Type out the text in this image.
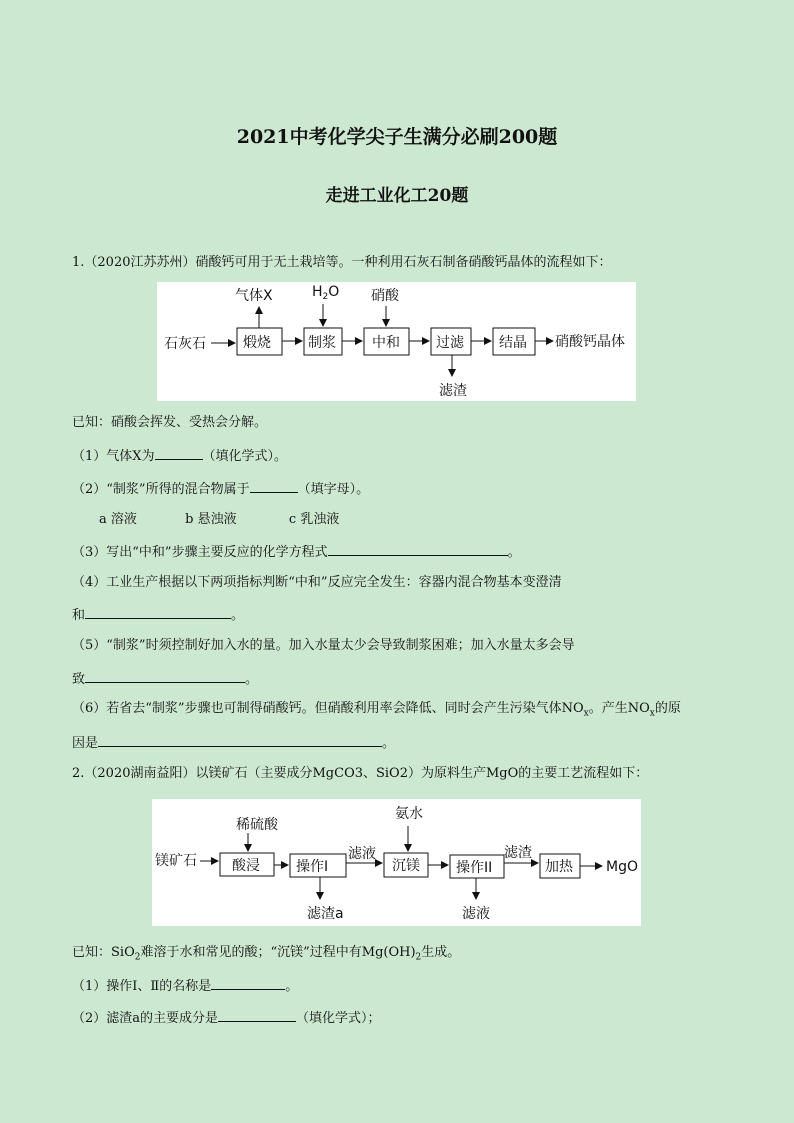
2021中考化学尖子生满分必刷200题
走进工业化工20题
1.（2020江苏苏州）硝酸钙可用于无土栽培等。一种利用石灰石制备硝酸钙晶体的流程如下：
石灰石	煅烧	制浆	中和	过滤	结晶 硝酸钙晶体
气体X	$H_2O$ 硝酸
滤渣
已知：硝酸会挥发、受热会分解。
（1）气体X为	（填化学式）。
（2）“制浆”所得的混合物属于	（填字母）。
a 溶液	b 悬浊液	c 乳浊液
（3）写出“中和”步骤主要反应的化学方程式	。
（4）工业生产根据以下两项指标判断“中和”反应完全发生：容器内混合物基本变澄清
和	。
（5）“制浆”时须控制好加入水的量。加入水量太少会导致制浆困难；加入水量太多会导
致	。
（6）若省去“制浆”步骤也可制得硝酸钙。但硝酸利用率会降低、同时会产生污染气体$NO_x$。产生$NO_x$的原
因是	。
2.（2020湖南益阳）以镁矿石（主要成分MgCO3、SiO2）为原料生产MgO的主要工艺流程如下：
镁矿石	酸浸	操作I
滤液
沉镁	操作II
滤渣
加热 MgO
稀硫酸
氨水
滤渣a	滤液
已知：SiO$_2$难溶于水和常见的酸；“沉镁”过程中有$Mg(OH)_2$生成。
（1）操作Ⅰ、Ⅱ的名称是	。
（2）滤渣a的主要成分是	（填化学式）；
